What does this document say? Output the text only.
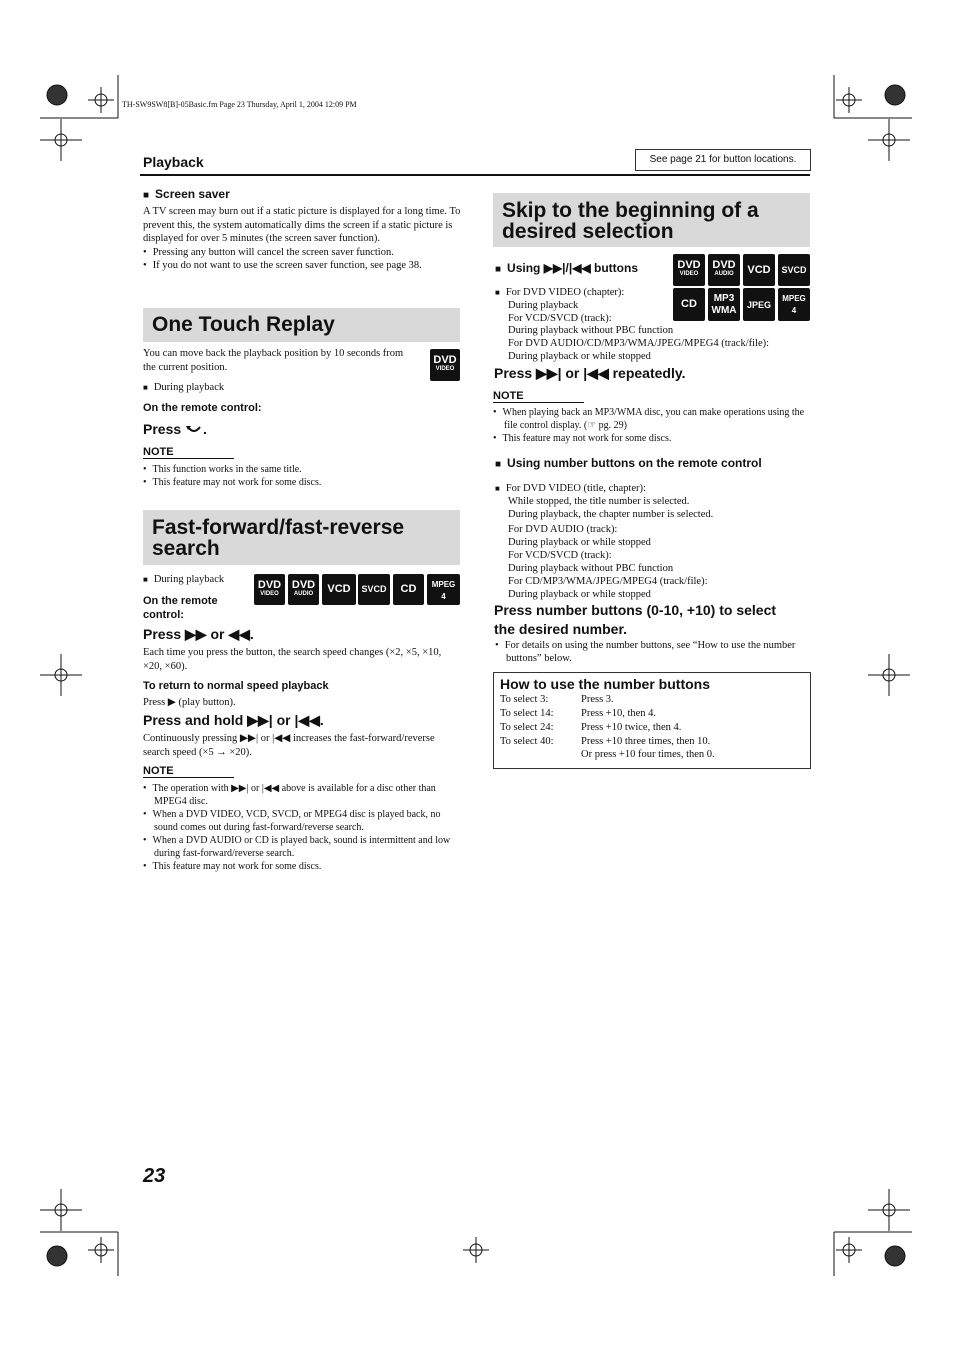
TH-SW9SW8[B]-05Basic.fm Page 23 Thursday, April 1, 2004 12:09 PM
Playback	See page 21 for button locations.
■ Screen saver
A TV screen may burn out if a static picture is displayed for a long time. To prevent this, the system automatically dims the screen if a static picture is displayed for over 5 minutes (the screen saver function).
• Pressing any button will cancel the screen saver function.
• If you do not want to use the screen saver function, see page 38.
One Touch Replay
You can move back the playback position by 10 seconds from the current position.
DVD
VIDEO
■ During playback
On the remote control:
Press .
NOTE
• This function works in the same title.
• This feature may not work for some discs.
Fast-forward/fast-reverse
search
■ During playback
On the remote
control:
DVD
VIDEO
DVD
AUDIO	VCD	SVCD	CD	MPEG
4
Press ▶▶ or ◀◀.
Each time you press the button, the search speed changes (×2, ×5, ×10, ×20, ×60).
To return to normal speed playback
Press ▶ (play button).
Press and hold ▶▶| or |◀◀.
Continuously pressing ▶▶| or |◀◀ increases the fast-forward/reverse search speed (×5 → ×20).
NOTE
• The operation with ▶▶| or |◀◀ above is available for a disc other than MPEG4 disc.
• When a DVD VIDEO, VCD, SVCD, or MPEG4 disc is played back, no sound comes out during fast-forward/reverse search.
• When a DVD AUDIO or CD is played back, sound is intermittent and low during fast-forward/reverse search.
• This feature may not work for some discs.
Skip to the beginning of a
desired selection
■ Using ▶▶|/|◀◀ buttons	DVD
VIDEO
DVD
AUDIO	VCD	SVCD
CD	MP3
WMA	JPEG
MPEG
4
■ For DVD VIDEO (chapter):
During playback
For VCD/SVCD (track):
During playback without PBC function
For DVD AUDIO/CD/MP3/WMA/JPEG/MPEG4 (track/file):
During playback or while stopped
Press ▶▶| or |◀◀ repeatedly.
NOTE
• When playing back an MP3/WMA disc, you can make operations using the file control display. (☞ pg. 29)
• This feature may not work for some discs.
■ Using number buttons on the remote control
■ For DVD VIDEO (title, chapter):
While stopped, the title number is selected.
During playback, the chapter number is selected.
For DVD AUDIO (track):
During playback or while stopped
For VCD/SVCD (track):
During playback without PBC function
For CD/MP3/WMA/JPEG/MPEG4 (track/file):
During playback or while stopped
Press number buttons (0-10, +10) to select
the desired number.
• For details on using the number buttons, see “How to use the number buttons” below.
How to use the number buttons
To select 3:	Press 3.
To select 14:	Press +10, then 4.
To select 24:	Press +10 twice, then 4.
To select 40:	Press +10 three times, then 10.
Or press +10 four times, then 0.
23
